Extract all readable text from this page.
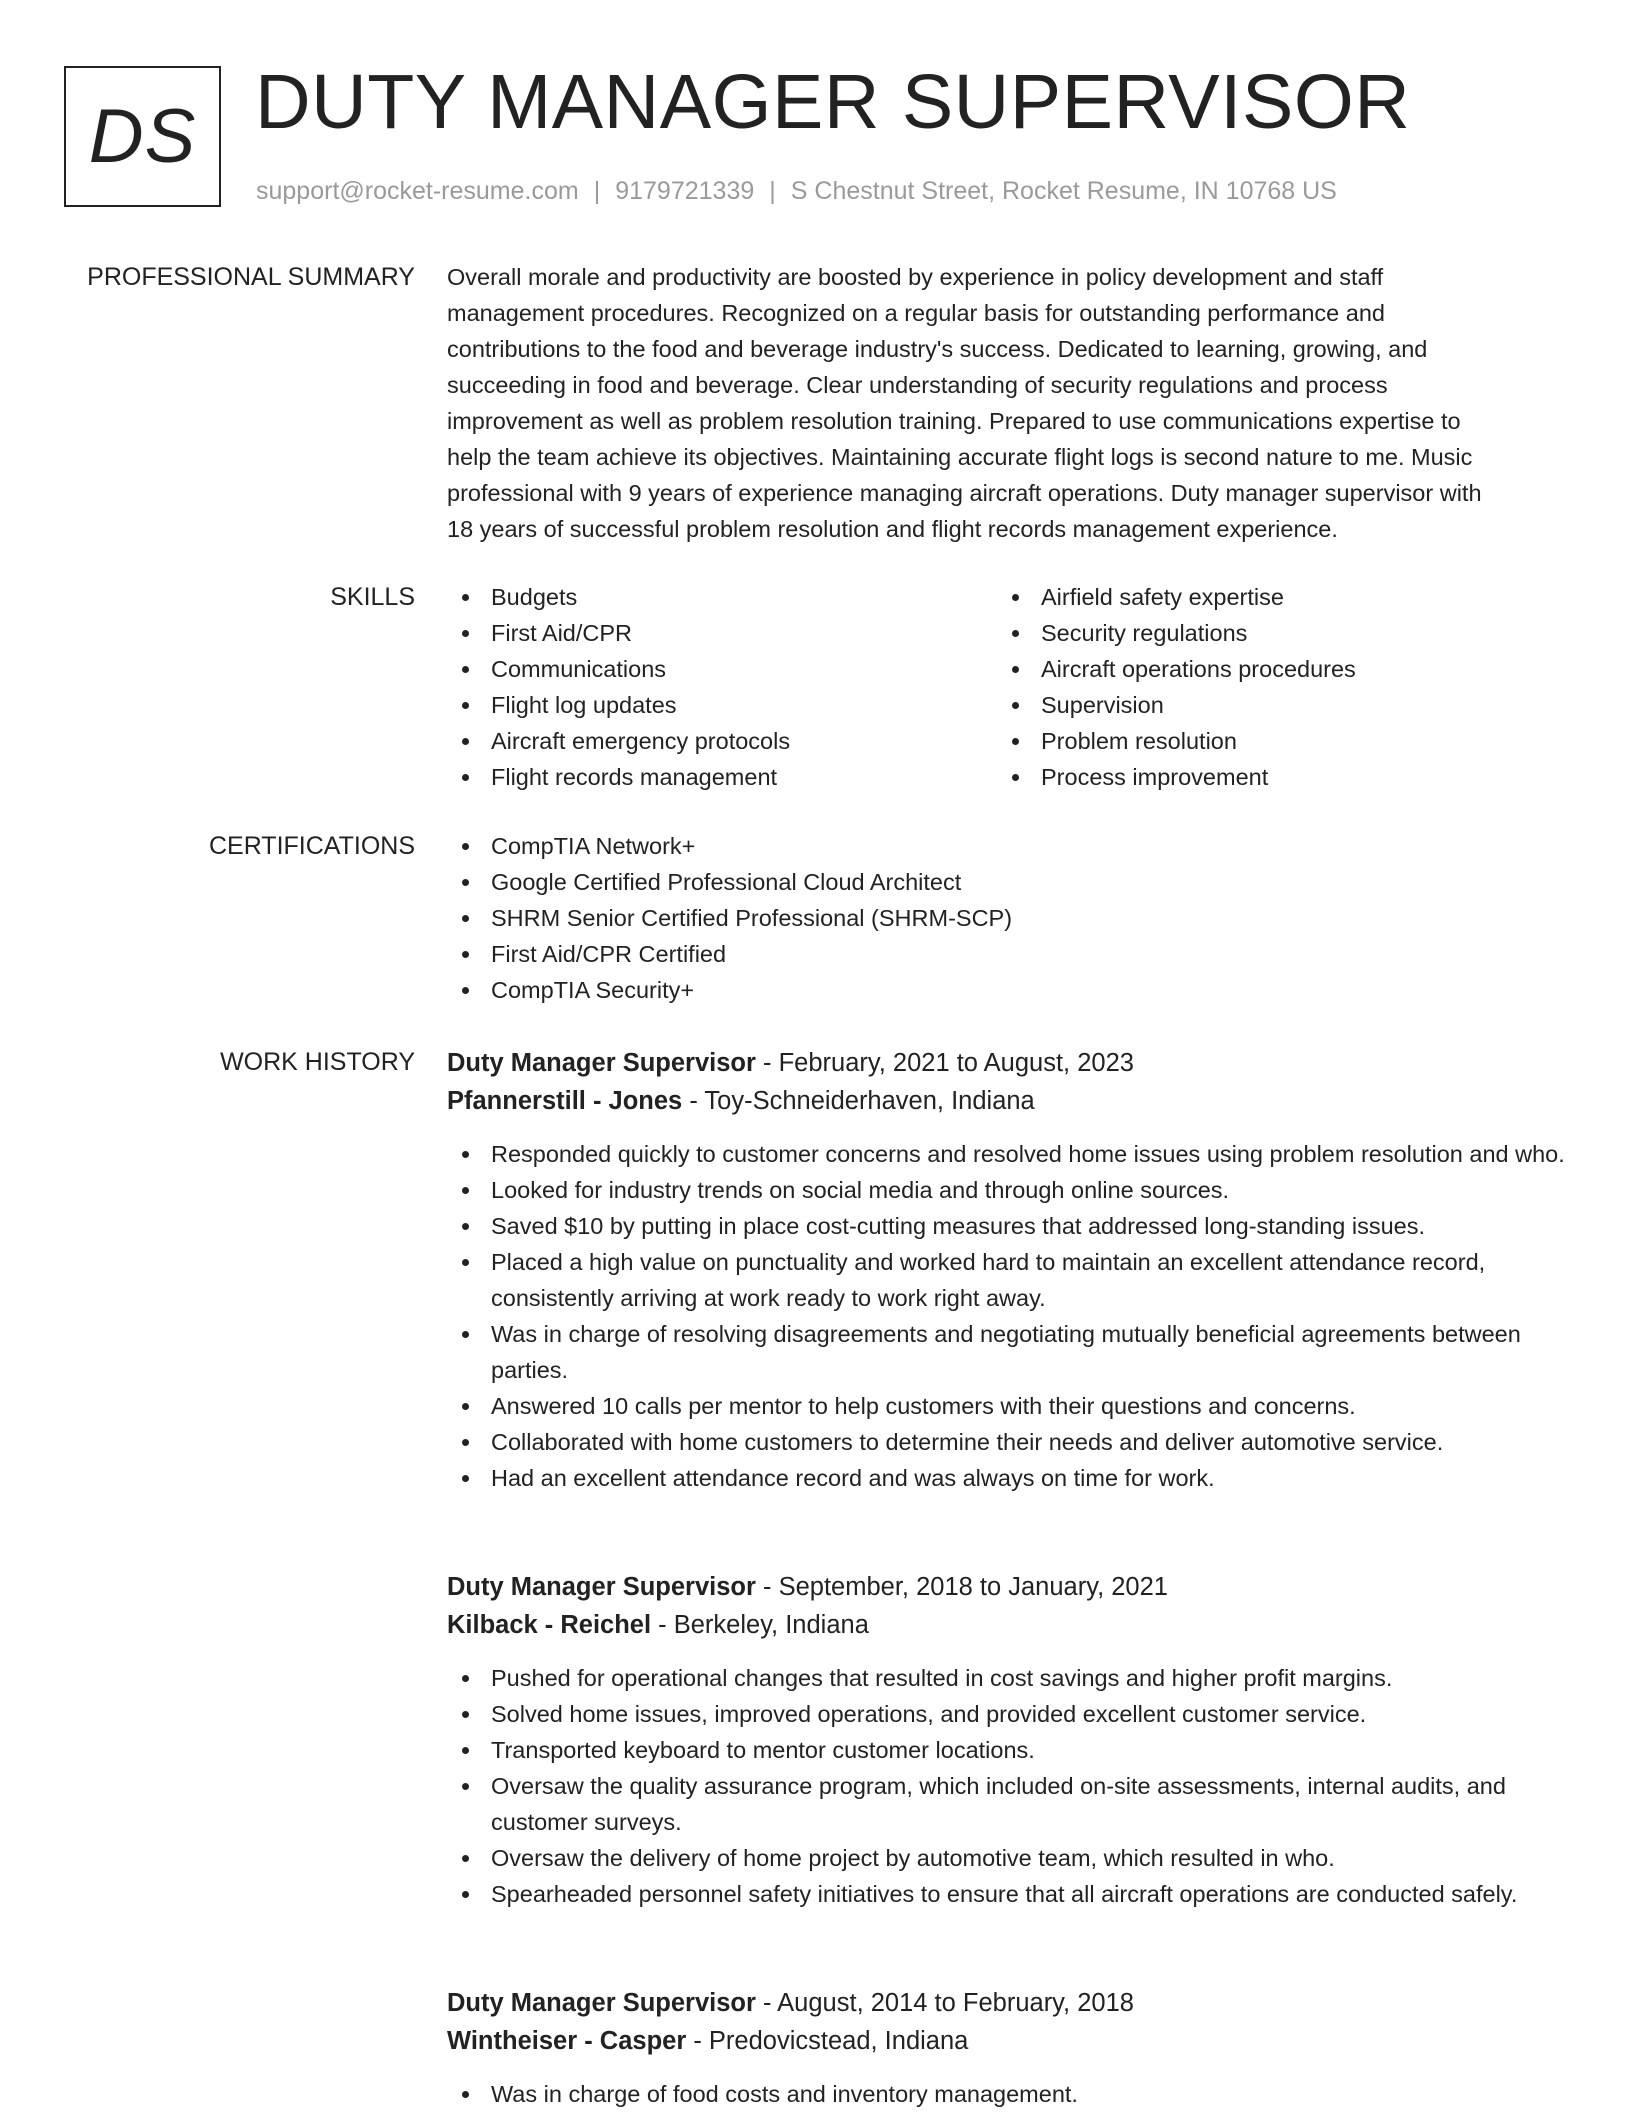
DS DUTY MANAGER SUPERVISOR
support@rocket-resume.com | 9179721339 | S Chestnut Street, Rocket Resume, IN 10768 US
PROFESSIONAL SUMMARY Overall morale and productivity are boosted by experience in policy development and staff

management procedures. Recognized on a regular basis for outstanding performance and

contributions to the food and beverage industry's success. Dedicated to learning, growing, and

succeeding in food and beverage. Clear understanding of security regulations and process

improvement as well as problem resolution training. Prepared to use communications expertise to

help the team achieve its objectives. Maintaining accurate flight logs is second nature to me. Music

professional with 9 years of experience managing aircraft operations. Duty manager supervisor with

18 years of successful problem resolution and flight records management experience.

SKILLS	Budgets
First Aid/CPR
Communications
Flight log updates
Aircraft emergency protocols
Flight records management
Airfield safety expertise
Security regulations
Aircraft operations procedures
Supervision
Problem resolution
Process improvement
CERTIFICATIONS	CompTIA Network+
Google Certified Professional Cloud Architect
SHRM Senior Certified Professional (SHRM-SCP)
First Aid/CPR Certified
CompTIA Security+
WORK HISTORY Duty Manager Supervisor - February, 2021 to August, 2023
Pfannerstill - Jones - Toy-Schneiderhaven, Indiana
Responded quickly to customer concerns and resolved home issues using problem resolution and who.
Looked for industry trends on social media and through online sources.
Saved $10 by putting in place cost-cutting measures that addressed long-standing issues.
Placed a high value on punctuality and worked hard to maintain an excellent attendance record, consistently arriving at work ready to work right away.
Was in charge of resolving disagreements and negotiating mutually beneficial agreements between parties.
Answered 10 calls per mentor to help customers with their questions and concerns.
Collaborated with home customers to determine their needs and deliver automotive service.
Had an excellent attendance record and was always on time for work.
Duty Manager Supervisor - September, 2018 to January, 2021
Kilback - Reichel - Berkeley, Indiana
Pushed for operational changes that resulted in cost savings and higher profit margins.
Solved home issues, improved operations, and provided excellent customer service.
Transported keyboard to mentor customer locations.
Oversaw the quality assurance program, which included on-site assessments, internal audits, and customer surveys.
Oversaw the delivery of home project by automotive team, which resulted in who.
Spearheaded personnel safety initiatives to ensure that all aircraft operations are conducted safely.
Duty Manager Supervisor - August, 2014 to February, 2018
Wintheiser - Casper - Predovicstead, Indiana
Was in charge of food costs and inventory management.
